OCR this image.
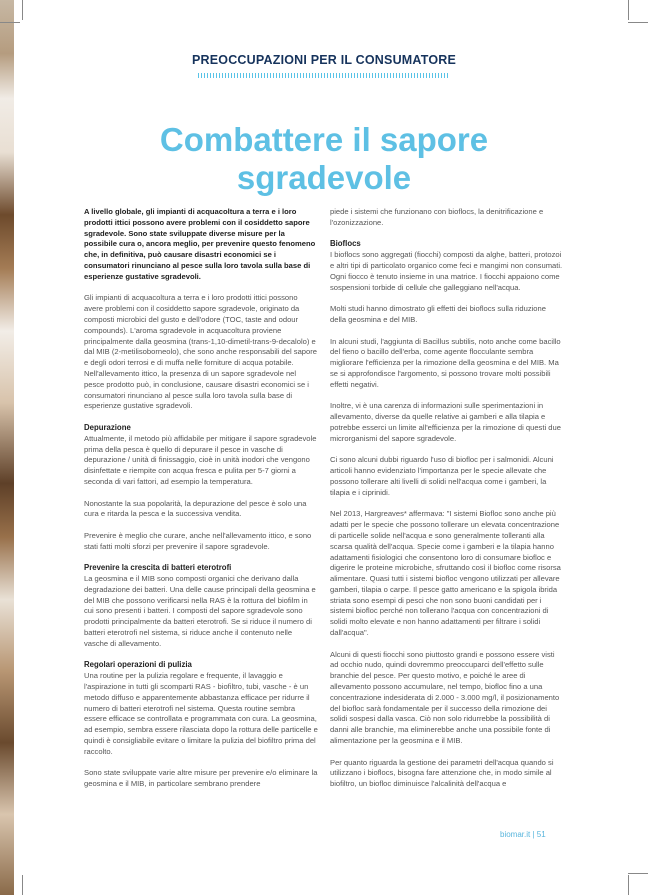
PREOCCUPAZIONI PER IL CONSUMATORE
Combattere il sapore
sgradevole

A livello globale, gli impianti di acquacoltura a terra e i loro prodotti ittici possono avere problemi con il cosiddetto sapore sgradevole. Sono state sviluppate diverse misure per la possibile cura o, ancora meglio, per prevenire questo fenomeno che, in definitiva, può causare disastri economici se i consumatori rinunciano al pesce sulla loro tavola sulla base di esperienze gustative sgradevoli.

Gli impianti di acquacoltura a terra e i loro prodotti ittici possono avere problemi con il cosiddetto sapore sgradevole, originato da composti microbici del gusto e dell'odore (TOC, taste and odour compounds). L'aroma sgradevole in acquacoltura proviene principalmente dalla geosmina (trans-1,10-dimetil-trans-9-decalolo) e dal MIB (2-metilisoborneolo), che sono anche responsabili del sapore e degli odori terrosi e di muffa nelle forniture di acqua potabile. Nell'allevamento ittico, la presenza di un sapore sgradevole nel pesce prodotto può, in conclusione, causare disastri economici se i consumatori rinunciano al pesce sulla loro tavola sulla base di esperienze gustative sgradevoli.

Depurazione

Attualmente, il metodo più affidabile per mitigare il sapore sgradevole prima della pesca è quello di depurare il pesce in vasche di depurazione / unità di finissaggio, cioè in unità inodori che vengono disinfettate e riempite con acqua fresca e pulita per 5-7 giorni a seconda di vari fattori, ad esempio la temperatura.

Nonostante la sua popolarità, la depurazione del pesce è solo una cura e ritarda la pesca e la successiva vendita.

Prevenire è meglio che curare, anche nell'allevamento ittico, e sono stati fatti molti sforzi per prevenire il sapore sgradevole.

Prevenire la crescita di batteri eterotrofi

La geosmina e il MIB sono composti organici che derivano dalla degradazione dei batteri. Una delle cause principali della geosmina e del MIB che possono verificarsi nella RAS è la rottura del biofilm in cui sono presenti i batteri. I composti del sapore sgradevole sono prodotti principalmente da batteri eterotrofi. Se si riduce il numero di batteri eterotrofi nel sistema, si riduce anche il contenuto nelle vasche di allevamento.

Regolari operazioni di pulizia

Una routine per la pulizia regolare e frequente, il lavaggio e l'aspirazione in tutti gli scomparti RAS - biofiltro, tubi, vasche - è un metodo diffuso e apparentemente abbastanza efficace per ridurre il numero di batteri eterotrofi nel sistema. Questa routine sembra essere efficace se controllata e programmata con cura. La geosmina, ad esempio, sembra essere rilasciata dopo la rottura delle particelle e quindi è consigliabile evitare o limitare la pulizia del biofiltro prima del raccolto.

Sono state sviluppate varie altre misure per prevenire e/o eliminare la geosmina e il MIB, in particolare sembrano prendere

piede i sistemi che funzionano con bioflocs, la denitrificazione e l'ozonizzazione.

Bioflocs

I bioflocs sono aggregati (fiocchi) composti da alghe, batteri, protozoi e altri tipi di particolato organico come feci e mangimi non consumati. Ogni fiocco è tenuto insieme in una matrice. I fiocchi appaiono come sospensioni torbide di cellule che galleggiano nell'acqua.

Molti studi hanno dimostrato gli effetti dei bioflocs sulla riduzione della geosmina e del MIB.

In alcuni studi, l'aggiunta di Bacillus subtilis, noto anche come bacillo del fieno o bacillo dell'erba, come agente flocculante sembra migliorare l'efficienza per la rimozione della geosmina e del MIB. Ma se si approfondisce l'argomento, si possono trovare molti possibili effetti negativi.

Inoltre, vi è una carenza di informazioni sulle sperimentazioni in allevamento, diverse da quelle relative ai gamberi e alla tilapia e potrebbe esserci un limite all'efficienza per la rimozione di questi due microrganismi del sapore sgradevole.

Ci sono alcuni dubbi riguardo l'uso di biofloc per i salmonidi. Alcuni articoli hanno evidenziato l'importanza per le specie allevate che possono tollerare alti livelli di solidi nell'acqua come i gamberi, la tilapia e i ciprinidi.

Nel 2013, Hargreaves* affermava: "I sistemi Biofloc sono anche più adatti per le specie che possono tollerare un elevata concentrazione di particelle solide nell'acqua e sono generalmente tolleranti alla scarsa qualità dell'acqua. Specie come i gamberi e la tilapia hanno adattamenti fisiologici che consentono loro di consumare biofloc e digerire le proteine microbiche, sfruttando così il biofloc come risorsa alimentare. Quasi tutti i sistemi biofloc vengono utilizzati per allevare gamberi, tilapia o carpe. Il pesce gatto americano e la spigola ibrida striata sono esempi di pesci che non sono buoni candidati per i sistemi biofloc perché non tollerano l'acqua con concentrazioni di solidi molto elevate e non hanno adattamenti per filtrare i solidi dall'acqua".

Alcuni di questi fiocchi sono piuttosto grandi e possono essere visti ad occhio nudo, quindi dovremmo preoccuparci dell'effetto sulle branchie del pesce. Per questo motivo, e poiché le aree di allevamento possono accumulare, nel tempo, biofloc fino a una concentrazione indesiderata di 2.000 - 3.000 mg/l, il posizionamento del biofloc sarà fondamentale per il successo della rimozione dei solidi sospesi dalla vasca. Ciò non solo ridurrebbe la possibilità di danni alle branchie, ma eliminerebbe anche una possibile fonte di alimentazione per la geosmina e il MIB.

Per quanto riguarda la gestione dei parametri dell'acqua quando si utilizzano i bioflocs, bisogna fare attenzione che, in modo simile al biofiltro, un biofloc diminuisce l'alcalinità dell'acqua e

biomar.it | 51
